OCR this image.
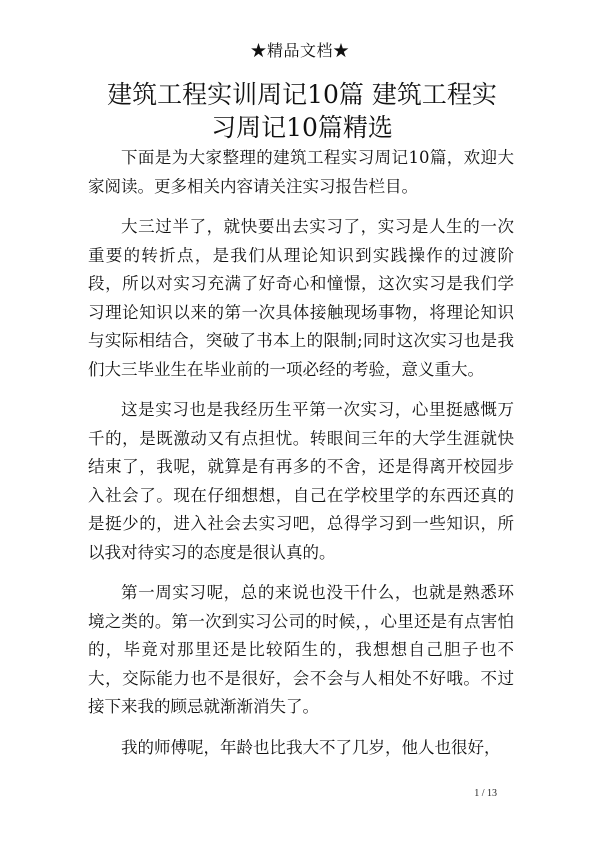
★精品文档★
建筑工程实训周记10篇 建筑工程实习周记10篇精选

下面是为大家整理的建筑工程实习周记10篇，欢迎大家阅读。更多相关内容请关注实习报告栏目。

大三过半了，就快要出去实习了，实习是人生的一次重要的转折点，是我们从理论知识到实践操作的过渡阶段，所以对实习充满了好奇心和憧憬，这次实习是我们学习理论知识以来的第一次具体接触现场事物，将理论知识与实际相结合，突破了书本上的限制;同时这次实习也是我们大三毕业生在毕业前的一项必经的考验，意义重大。

这是实习也是我经历生平第一次实习，心里挺感慨万千的，是既激动又有点担忧。转眼间三年的大学生涯就快结束了，我呢，就算是有再多的不舍，还是得离开校园步入社会了。现在仔细想想，自己在学校里学的东西还真的是挺少的，进入社会去实习吧，总得学习到一些知识，所以我对待实习的态度是很认真的。

第一周实习呢，总的来说也没干什么，也就是熟悉环境之类的。第一次到实习公司的时候，，心里还是有点害怕的，毕竟对那里还是比较陌生的，我想想自己胆子也不大，交际能力也不是很好，会不会与人相处不好哦。不过接下来我的顾忌就渐渐消失了。

我的师傅呢，年龄也比我大不了几岁，他人也很好，

1 / 13
